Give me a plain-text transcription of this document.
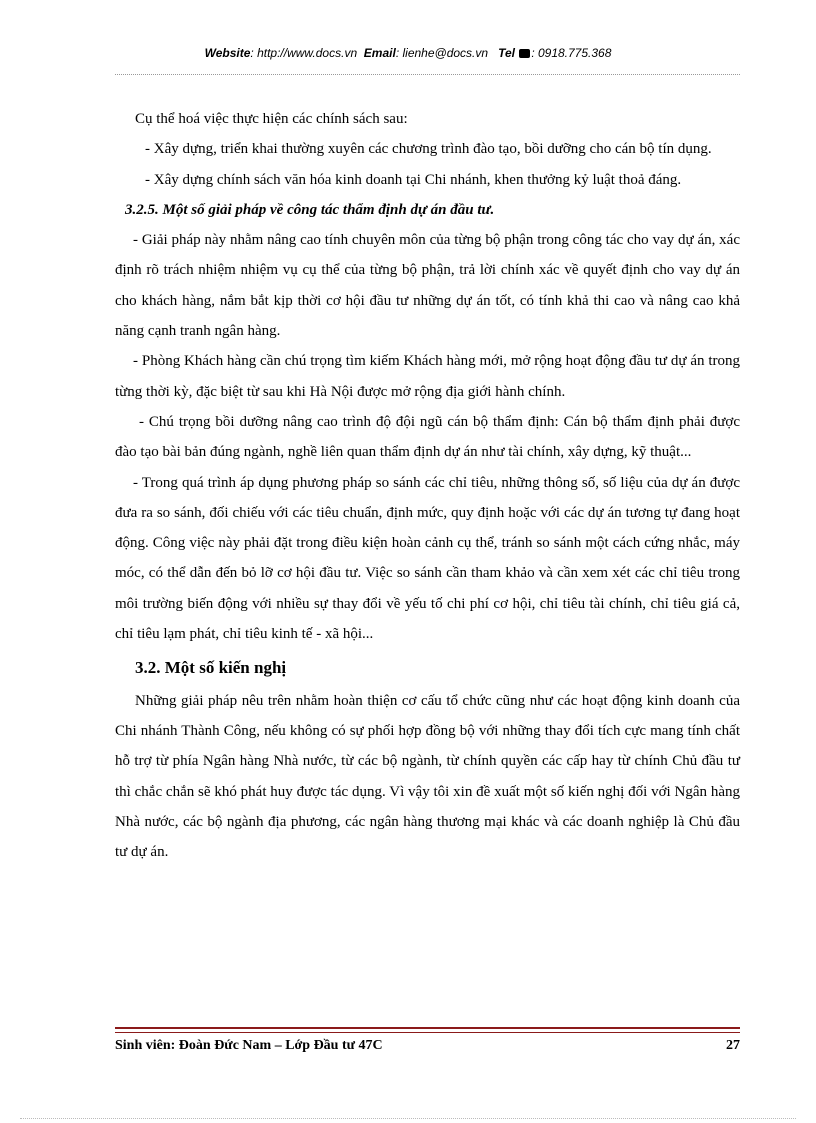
Website: http://www.docs.vn Email: lienhe@docs.vn Tel : 0918.775.368

Cụ thể hoá việc thực hiện các chính sách sau:

- Xây dựng, triển khai thường xuyên các chương trình đào tạo, bồi dưỡng cho cán bộ tín dụng.

- Xây dựng chính sách văn hóa kinh doanh tại Chi nhánh, khen thưởng kỷ luật thoả đáng.

3.2.5. Một số giải pháp về công tác thẩm định dự án đầu tư.

- Giải pháp này nhằm nâng cao tính chuyên môn của từng bộ phận trong công tác cho vay dự án, xác định rõ trách nhiệm nhiệm vụ cụ thể của từng bộ phận, trả lời chính xác về quyết định cho vay dự án cho khách hàng, nắm bắt kịp thời cơ hội đầu tư những dự án tốt, có tính khả thi cao và nâng cao khả năng cạnh tranh ngân hàng.

- Phòng Khách hàng cần chú trọng tìm kiếm Khách hàng mới, mở rộng hoạt động đầu tư dự án trong từng thời kỳ, đặc biệt từ sau khi Hà Nội được mở rộng địa giới hành chính.

- Chú trọng bồi dưỡng nâng cao trình độ đội ngũ cán bộ thẩm định: Cán bộ thẩm định phải được đào tạo bài bản đúng ngành, nghề liên quan thẩm định dự án như tài chính, xây dựng, kỹ thuật...

- Trong quá trình áp dụng phương pháp so sánh các chỉ tiêu, những thông số, số liệu của dự án được đưa ra so sánh, đối chiếu với các tiêu chuẩn, định mức, quy định hoặc với các dự án tương tự đang hoạt động. Công việc này phải đặt trong điều kiện hoàn cảnh cụ thể, tránh so sánh một cách cứng nhắc, máy móc, có thể dẫn đến bỏ lỡ cơ hội đầu tư. Việc so sánh cần tham khảo và cần xem xét các chỉ tiêu trong môi trường biến động với nhiều sự thay đổi về yếu tố chi phí cơ hội, chỉ tiêu tài chính, chỉ tiêu giá cả, chỉ tiêu lạm phát, chỉ tiêu kinh tế - xã hội...

3.2. Một số kiến nghị

Những giải pháp nêu trên nhằm hoàn thiện cơ cấu tổ chức cũng như các hoạt động kinh doanh của Chi nhánh Thành Công, nếu không có sự phối hợp đồng bộ với những thay đổi tích cực mang tính chất hỗ trợ từ phía Ngân hàng Nhà nước, từ các bộ ngành, từ chính quyền các cấp hay từ chính Chủ đầu tư thì chắc chắn sẽ khó phát huy được tác dụng. Vì vậy tôi xin đề xuất một số kiến nghị đối với Ngân hàng Nhà nước, các bộ ngành địa phương, các ngân hàng thương mại khác và các doanh nghiệp là Chủ đầu tư dự án.

Sinh viên: Đoàn Đức Nam – Lớp Đầu tư 47C	27
